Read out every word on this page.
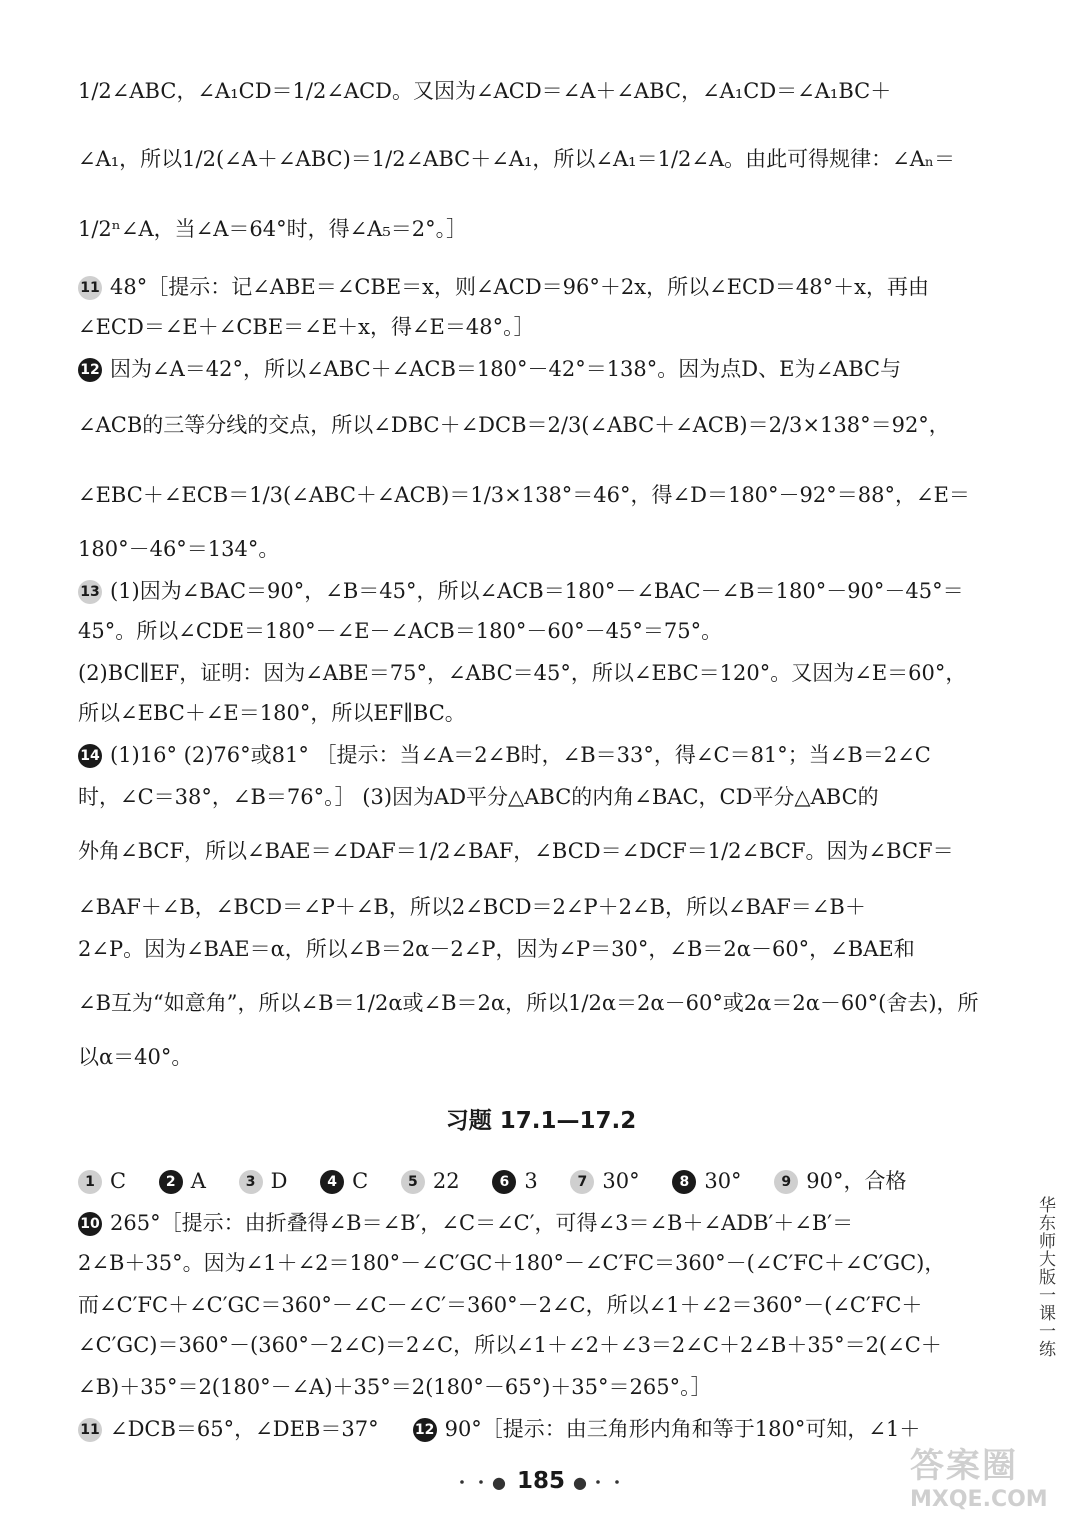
1/2∠ABC，∠A₁CD＝1/2∠ACD。又因为∠ACD＝∠A＋∠ABC，∠A₁CD＝∠A₁BC＋
∠A₁，所以1/2(∠A＋∠ABC)＝1/2∠ABC＋∠A₁，所以∠A₁＝1/2∠A。由此可得规律：∠Aₙ＝
1/2ⁿ∠A，当∠A＝64°时，得∠A₅＝2°。］
11 48°［提示：记∠ABE＝∠CBE＝x，则∠ACD＝96°＋2x，所以∠ECD＝48°＋x，再由
∠ECD＝∠E＋∠CBE＝∠E＋x，得∠E＝48°。］
12 因为∠A＝42°，所以∠ABC＋∠ACB＝180°－42°＝138°。因为点D、E为∠ABC与
∠ACB的三等分线的交点，所以∠DBC＋∠DCB＝2/3(∠ABC＋∠ACB)＝2/3×138°＝92°，
∠EBC＋∠ECB＝1/3(∠ABC＋∠ACB)＝1/3×138°＝46°，得∠D＝180°－92°＝88°，∠E＝
180°－46°＝134°。
13 (1)因为∠BAC＝90°，∠B＝45°，所以∠ACB＝180°－∠BAC－∠B＝180°－90°－45°＝
45°。所以∠CDE＝180°－∠E－∠ACB＝180°－60°－45°＝75°。
(2)BC∥EF，证明：因为∠ABE＝75°，∠ABC＝45°，所以∠EBC＝120°。又因为∠E＝60°，
所以∠EBC＋∠E＝180°，所以EF∥BC。
14 (1)16° (2)76°或81° ［提示：当∠A＝2∠B时，∠B＝33°，得∠C＝81°；当∠B＝2∠C
时，∠C＝38°，∠B＝76°。］ (3)因为AD平分△ABC的内角∠BAC，CD平分△ABC的
外角∠BCF，所以∠BAE＝∠DAF＝1/2∠BAF，∠BCD＝∠DCF＝1/2∠BCF。因为∠BCF＝
∠BAF＋∠B，∠BCD＝∠P＋∠B，所以2∠BCD＝2∠P＋2∠B，所以∠BAF＝∠B＋
2∠P。因为∠BAE＝α，所以∠B＝2α－2∠P，因为∠P＝30°，∠B＝2α－60°，∠BAE和
∠B互为“如意角”，所以∠B＝1/2α或∠B＝2α，所以1/2α＝2α－60°或2α＝2α－60°(舍去)，所
以α＝40°。
习题 17.1—17.2
1 C	2 A	3 D	4 C	5 22	6 3	7 30°	8 30°	9 90°，合格
10 265°［提示：由折叠得∠B＝∠B′，∠C＝∠C′，可得∠3＝∠B＋∠ADB′＋∠B′＝
2∠B＋35°。因为∠1＋∠2＝180°－∠C′GC＋180°－∠C′FC＝360°－(∠C′FC＋∠C′GC)，
而∠C′FC＋∠C′GC＝360°－∠C－∠C′＝360°－2∠C，所以∠1＋∠2＝360°－(∠C′FC＋
∠C′GC)＝360°－(360°－2∠C)＝2∠C，所以∠1＋∠2＋∠3＝2∠C＋2∠B＋35°＝2(∠C＋
∠B)＋35°＝2(180°－∠A)＋35°＝2(180°－65°)＋35°＝265°。］
11 ∠DCB＝65°，∠DEB＝37°	12 90°［提示：由三角形内角和等于180°可知，∠1＋
华东师大版一课一练
・・● 185 ●・・	答案圈
MXQE.COM
